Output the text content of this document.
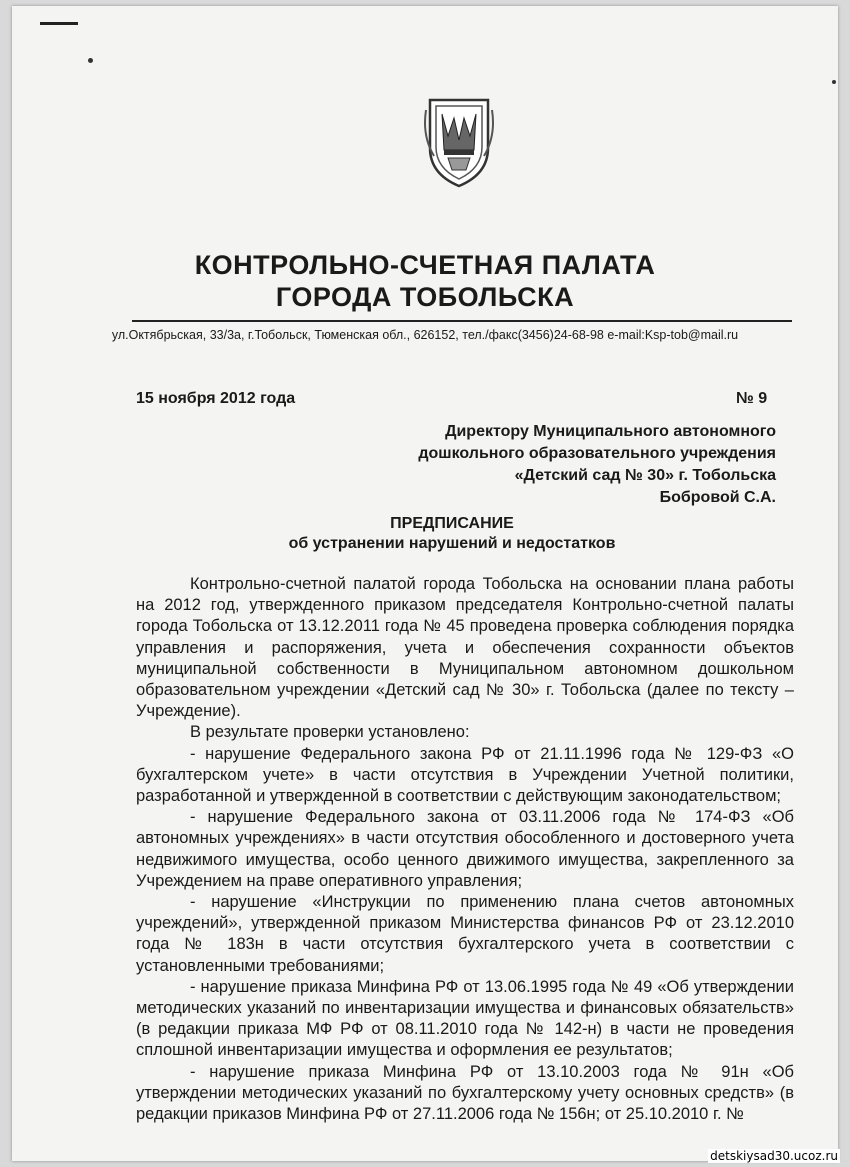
КОНТРОЛЬНО-СЧЕТНАЯ ПАЛАТА
ГОРОДА ТОБОЛЬСКА
ул.Октябрьская, 33/3а, г.Тобольск, Тюменская обл., 626152, тел./факс(3456)24-68-98 e-mail:Ksp-tob@mail.ru
15 ноября 2012 года	№ 9
Директору Муниципального автономного
дошкольного образовательного учреждения
«Детский сад № 30» г. Тобольска
Бобровой С.А.
ПРЕДПИСАНИЕ
об устранении нарушений и недостатков

Контрольно-счетной палатой города Тобольска на основании плана работы на 2012 год, утвержденного приказом председателя Контрольно-счетной палаты города Тобольска от 13.12.2011 года № 45 проведена проверка соблюдения порядка управления и распоряжения, учета и обеспечения сохранности объектов муниципальной собственности в Муниципальном автономном дошкольном образовательном учреждении «Детский сад № 30» г. Тобольска (далее по тексту – Учреждение).

В результате проверки установлено:

- нарушение Федерального закона РФ от 21.11.1996 года № 129-ФЗ «О бухгалтерском учете» в части отсутствия в Учреждении Учетной политики, разработанной и утвержденной в соответствии с действующим законодательством;

- нарушение Федерального закона от 03.11.2006 года № 174-ФЗ «Об автономных учреждениях» в части отсутствия обособленного и достоверного учета недвижимого имущества, особо ценного движимого имущества, закрепленного за Учреждением на праве оперативного управления;

- нарушение «Инструкции по применению плана счетов автономных учреждений», утвержденной приказом Министерства финансов РФ от 23.12.2010 года № 183н в части отсутствия бухгалтерского учета в соответствии с установленными требованиями;

- нарушение приказа Минфина РФ от 13.06.1995 года № 49 «Об утверждении методических указаний по инвентаризации имущества и финансовых обязательств» (в редакции приказа МФ РФ от 08.11.2010 года № 142-н) в части не проведения сплошной инвентаризации имущества и оформления ее результатов;

- нарушение приказа Минфина РФ от 13.10.2003 года № 91н «Об утверждении методических указаний по бухгалтерскому учету основных средств» (в редакции приказов Минфина РФ от 27.11.2006 года № 156н; от 25.10.2010 г. №

detskiysad30.ucoz.ru
